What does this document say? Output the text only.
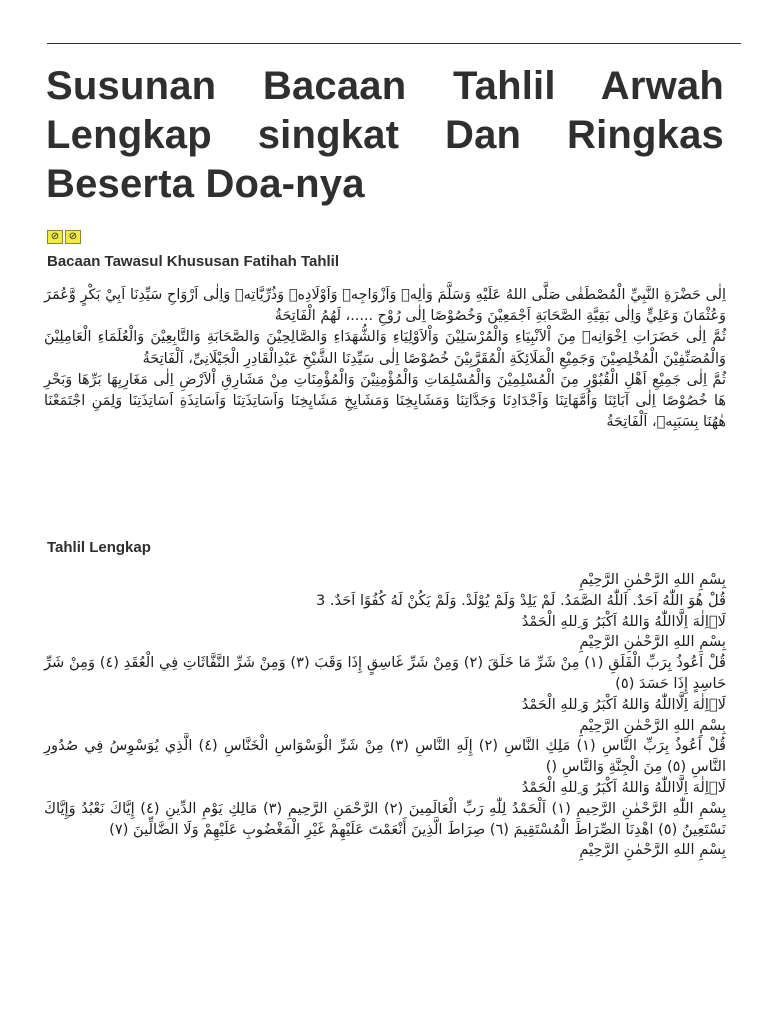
Susunan Bacaan Tahlil Arwah Lengkap singkat Dan Ringkas Beserta Doa-nya
⊘ ⊘
Bacaan Tawasul Khususan Fatihah Tahlil

اِلٰى حَضْرَةِ النَّبِيِّ الْمُصْطَفٰى صَلَّى اللهُ عَلَيْهِ وَسَلَّمَ وَاٰلِهٖ وَاَزْوَاجِهٖ وَاَوْلَادِهٖ وَذُرِّيَّاتِهٖ وَاِلٰى اَرْوَاحِ سَيِّدِنَا اَبِيْ بَكْرٍ وَّعُمَرَ وَعُثْمَانَ وَعَلِيٍّ وَاِلٰى بَقِيَّةِ الصَّحَابَةِ اَجْمَعِيْنَ وَخُصُوْصًا اِلٰى رُوْحِ .....، لَهُمُ الْفَاتِحَةُ

ثُمَّ اِلٰى حَضَرَاتِ اِخْوَانِهٖ مِنَ اْلاَنْبِيَاءِ وَالْمُرْسَلِيْنَ وَاْلاَوْلِيَاءِ وَالشُّهَدَاءِ وَالصَّالِحِيْنَ وَالصَّحَابَةِ وَالتَّابِعِيْنَ وَالْعُلَمَاءِ الْعَامِلِيْنَ وَالْمُصَنِّفِيْنَ الْمُخْلِصِيْنَ وَجَمِيْعِ الْمَلَائِكَةِ الْمُقَرَّبِيْنَ خُصُوْصًا اِلٰى سَيِّدِنَا الشَّيْخِ عَبْدِالْقَادِرِ الْجَيْلَانِىِّ، اَلْفَاتِحَةُ

ثُمَّ اِلٰى جَمِيْعِ اَهْلِ الْقُبُوْرِ مِنَ الْمُسْلِمِيْنَ وَالْمُسْلِمَاتِ وَالْمُؤْمِنِيْنَ وَالْمُؤْمِنَاتِ مِنْ مَشَارِقِ اْلاَرْضِ اِلٰى مَغَارِبِهَا بَرِّهَا وَبَحْرِ هَا خُصُوْصًا اِلٰى آبَائِنَا وَاُمَّهَاتِنَا وَاَجْدَادِنَا وَجَدَّاتِنَا وَمَشَايِخِنَا وَمَشَايِخِ مَشَايِخِنَا وَاَسَاتِذَتِنَا وَاَسَاتِذَةِ اَسَاتِذَتِنَا وَلِمَنِ اجْتَمَعْنَا هٰهُنَا بِسَبَبِهٖ، اَلْفَاتِحَةُ

Tahlil Lengkap

بِسْمِ اللهِ الرَّحْمٰنِ الرَّحِيْمِ

قُلْ هُوَ اللّٰهُ اَحَدٌ. اَللّٰهُ الصَّمَدُ. لَمْ يَلِدْ وَلَمْ يُوْلَدْ. وَلَمْ يَكُنْ لَهُ كُفُوًا اَحَدٌ. 3

لَاۤاِلٰهَ اِلَّااللّٰهُ وَاللهُ اَكْبَرُ وَ ِللهِ الْحَمْدُ

بِسْمِ اللهِ الرَّحْمٰنِ الرَّحِيْمِ

قُلْ اَعُوذُ بِرَبِّ الْفَلَقِ (١) مِنْ شَرِّ مَا خَلَقَ (٢) وَمِنْ شَرِّ غَاسِقٍ إِذَا وَقَبَ (٣) وَمِنْ شَرِّ النَّفَّاثَاتِ فِي الْعُقَدِ (٤) وَمِنْ شَرِّ حَاسِدٍ إِذَا حَسَدَ (٥)

لَاۤاِلٰهَ اِلَّااللّٰهُ وَاللهُ اَكْبَرُ وَ ِللهِ الْحَمْدُ

بِسْمِ اللهِ الرَّحْمٰنِ الرَّحِيْمِ

قُلْ اَعُوذُ بِرَبِّ النَّاسِ (١) مَلِكِ النَّاسِ (٢) إِلَهِ النَّاسِ (٣) مِنْ شَرِّ الْوَسْوَاسِ الْخَنَّاسِ (٤) الَّذِي يُوَسْوِسُ فِي صُدُورِ النَّاسِ (٥) مِنَ الْجِنَّةِ وَالنَّاسِ ()

لَاۤاِلٰهَ اِلَّااللّٰهُ وَاللهُ اَكْبَرُ وَ ِللهِ الْحَمْدُ

بِسْمِ اللّٰهِ الرَّحْمٰنِ الرَّحِيمِ (١) اَلْحَمْدُ لِلّٰهِ رَبِّ الْعَالَمِينَ (٢) الرَّحْمَنِ الرَّحِيمِ (٣) مَالِكِ يَوْمِ الدِّينِ (٤) إِيَّاكَ نَعْبُدُ وَإِيَّاكَ نَسْتَعِينُ (٥) اهْدِنَا الصِّرَاطَ الْمُسْتَقِيمَ (٦) صِرَاطَ الَّذِينَ أَنْعَمْتَ عَلَيْهِمْ غَيْرِ الْمَغْضُوبِ عَلَيْهِمْ وَلَا الضَّالِّينَ (٧)

بِسْمِ اللهِ الرَّحْمٰنِ الرَّحِيْمِ
